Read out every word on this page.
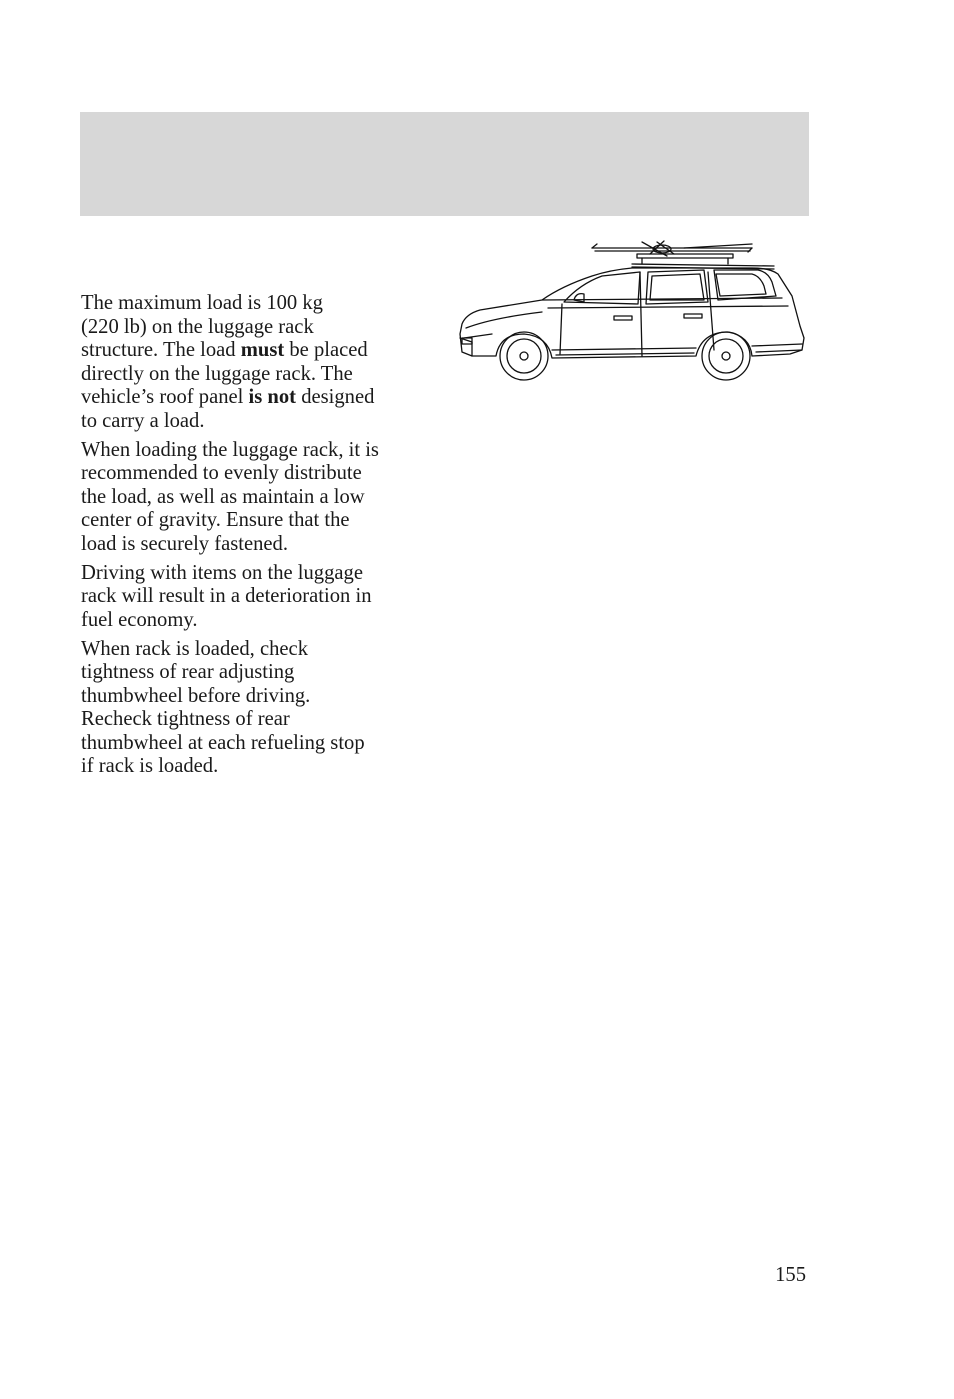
The maximum load is 100 kg
(220 lb) on the luggage rack
structure. The load must be placed
directly on the luggage rack. The
vehicle’s roof panel is not designed
to carry a load.

When loading the luggage rack, it is
recommended to evenly distribute
the load, as well as maintain a low
center of gravity. Ensure that the
load is securely fastened.

Driving with items on the luggage
rack will result in a deterioration in
fuel economy.

When rack is loaded, check
tightness of rear adjusting
thumbwheel before driving.
Recheck tightness of rear
thumbwheel at each refueling stop
if rack is loaded.

155
